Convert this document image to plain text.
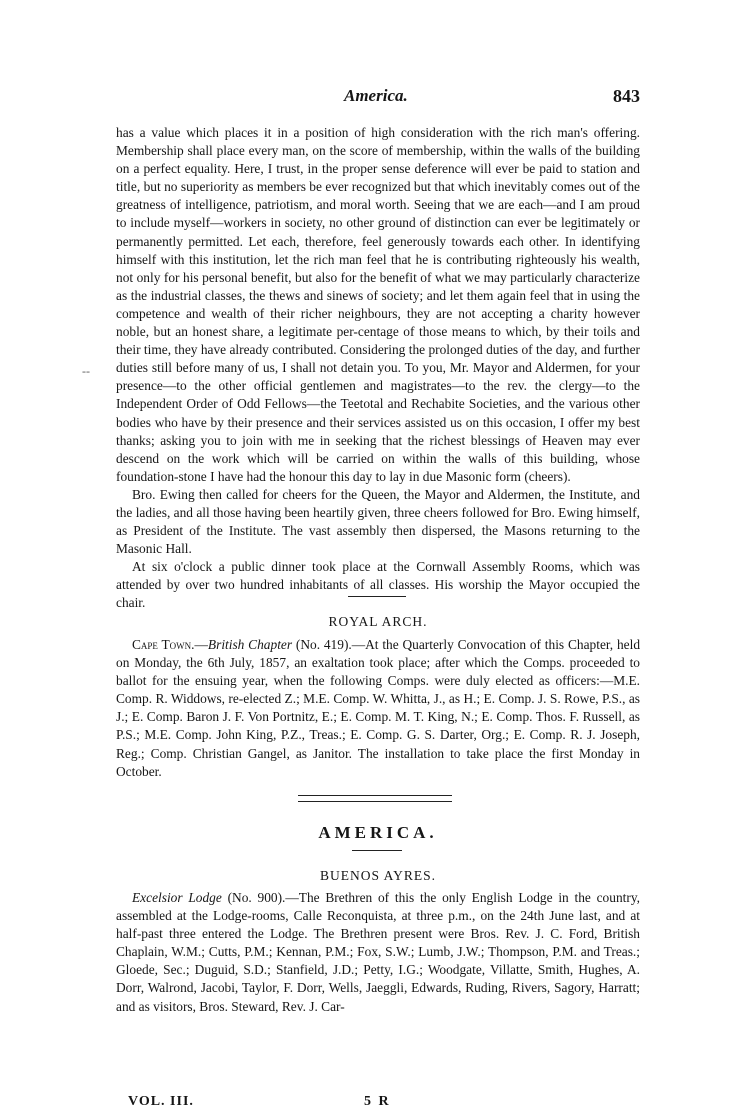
America.	843
--

has a value which places it in a position of high consideration with the rich man's offering. Membership shall place every man, on the score of membership, within the walls of the building on a perfect equality. Here, I trust, in the proper sense deference will ever be paid to station and title, but no superiority as members be ever recognized but that which inevitably comes out of the greatness of intelligence, patriotism, and moral worth. Seeing that we are each—and I am proud to include myself—workers in society, no other ground of distinction can ever be legitimately or permanently permitted. Let each, therefore, feel generously towards each other. In identifying himself with this institution, let the rich man feel that he is contributing righteously his wealth, not only for his personal benefit, but also for the benefit of what we may particularly characterize as the industrial classes, the thews and sinews of society; and let them again feel that in using the competence and wealth of their richer neighbours, they are not accepting a charity however noble, but an honest share, a legitimate per-centage of those means to which, by their toils and their time, they have already contributed. Considering the prolonged duties of the day, and further duties still before many of us, I shall not detain you. To you, Mr. Mayor and Aldermen, for your presence—to the other official gentlemen and magistrates—to the rev. the clergy—to the Independent Order of Odd Fellows—the Teetotal and Rechabite Societies, and the various other bodies who have by their presence and their services assisted us on this occasion, I offer my best thanks; asking you to join with me in seeking that the richest blessings of Heaven may ever descend on the work which will be carried on within the walls of this building, whose foundation-stone I have had the honour this day to lay in due Masonic form (cheers).

Bro. Ewing then called for cheers for the Queen, the Mayor and Aldermen, the Institute, and the ladies, and all those having been heartily given, three cheers followed for Bro. Ewing himself, as President of the Institute. The vast assembly then dispersed, the Masons returning to the Masonic Hall.

At six o'clock a public dinner took place at the Cornwall Assembly Rooms, which was attended by over two hundred inhabitants of all classes. His worship the Mayor occupied the chair.

ROYAL ARCH.

Cape Town.—British Chapter (No. 419).—At the Quarterly Convocation of this Chapter, held on Monday, the 6th July, 1857, an exaltation took place; after which the Comps. proceeded to ballot for the ensuing year, when the following Comps. were duly elected as officers:—M.E. Comp. R. Widdows, re-elected Z.; M.E. Comp. W. Whitta, J., as H.; E. Comp. J. S. Rowe, P.S., as J.; E. Comp. Baron J. F. Von Portnitz, E.; E. Comp. M. T. King, N.; E. Comp. Thos. F. Russell, as P.S.; M.E. Comp. John King, P.Z., Treas.; E. Comp. G. S. Darter, Org.; E. Comp. R. J. Joseph, Reg.; Comp. Christian Gangel, as Janitor. The installation to take place the first Monday in October.

AMERICA.
BUENOS AYRES.

Excelsior Lodge (No. 900).—The Brethren of this the only English Lodge in the country, assembled at the Lodge-rooms, Calle Reconquista, at three p.m., on the 24th June last, and at half-past three entered the Lodge. The Brethren present were Bros. Rev. J. C. Ford, British Chaplain, W.M.; Cutts, P.M.; Kennan, P.M.; Fox, S.W.; Lumb, J.W.; Thompson, P.M. and Treas.; Gloede, Sec.; Duguid, S.D.; Stanfield, J.D.; Petty, I.G.; Woodgate, Villatte, Smith, Hughes, A. Dorr, Walrond, Jacobi, Taylor, F. Dorr, Wells, Jaeggli, Edwards, Ruding, Rivers, Sagory, Harratt; and as visitors, Bros. Steward, Rev. J. Car-

VOL. III.	5 R
